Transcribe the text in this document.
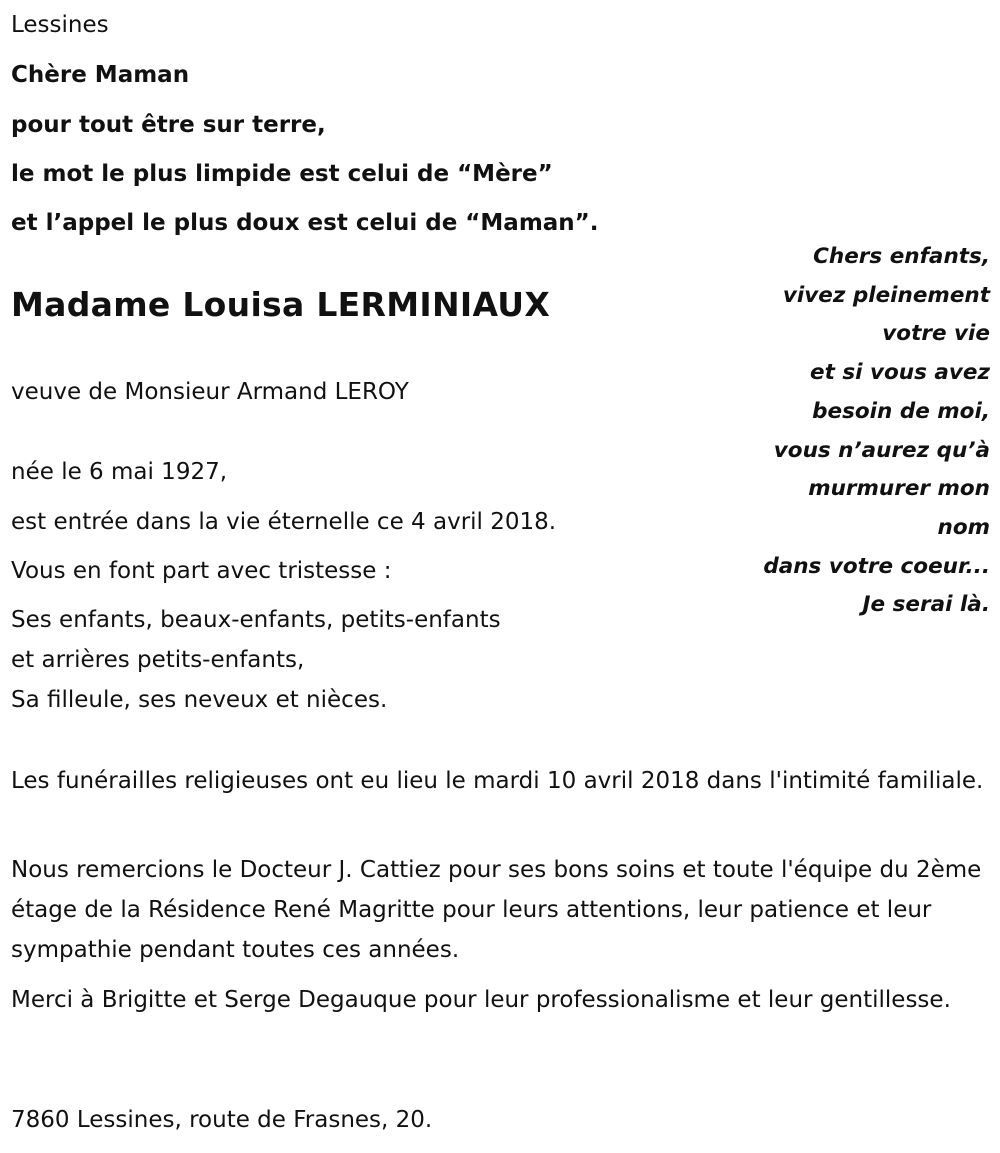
Lessines
Chère Maman
pour tout être sur terre,
le mot le plus limpide est celui de “Mère”
et l’appel le plus doux est celui de “Maman”.
Madame Louisa LERMINIAUX
veuve de Monsieur Armand LEROY
née le 6 mai 1927,
est entrée dans la vie éternelle ce 4 avril 2018.
Vous en font part avec tristesse :
Ses enfants, beaux-enfants, petits-enfants
et arrières petits-enfants,
Sa filleule, ses neveux et nièces.
Chers enfants,
vivez pleinement
votre vie
et si vous avez
besoin de moi,
vous n’aurez qu’à
murmurer mon
nom
dans votre coeur...
Je serai là.
Les funérailles religieuses ont eu lieu le mardi 10 avril 2018 dans l'intimité familiale.
Nous remercions le Docteur J. Cattiez pour ses bons soins et toute l'équipe du 2ème étage de la Résidence René Magritte pour leurs attentions, leur patience et leur sympathie pendant toutes ces années.
Merci à Brigitte et Serge Degauque pour leur professionalisme et leur gentillesse.
7860 Lessines, route de Frasnes, 20.
